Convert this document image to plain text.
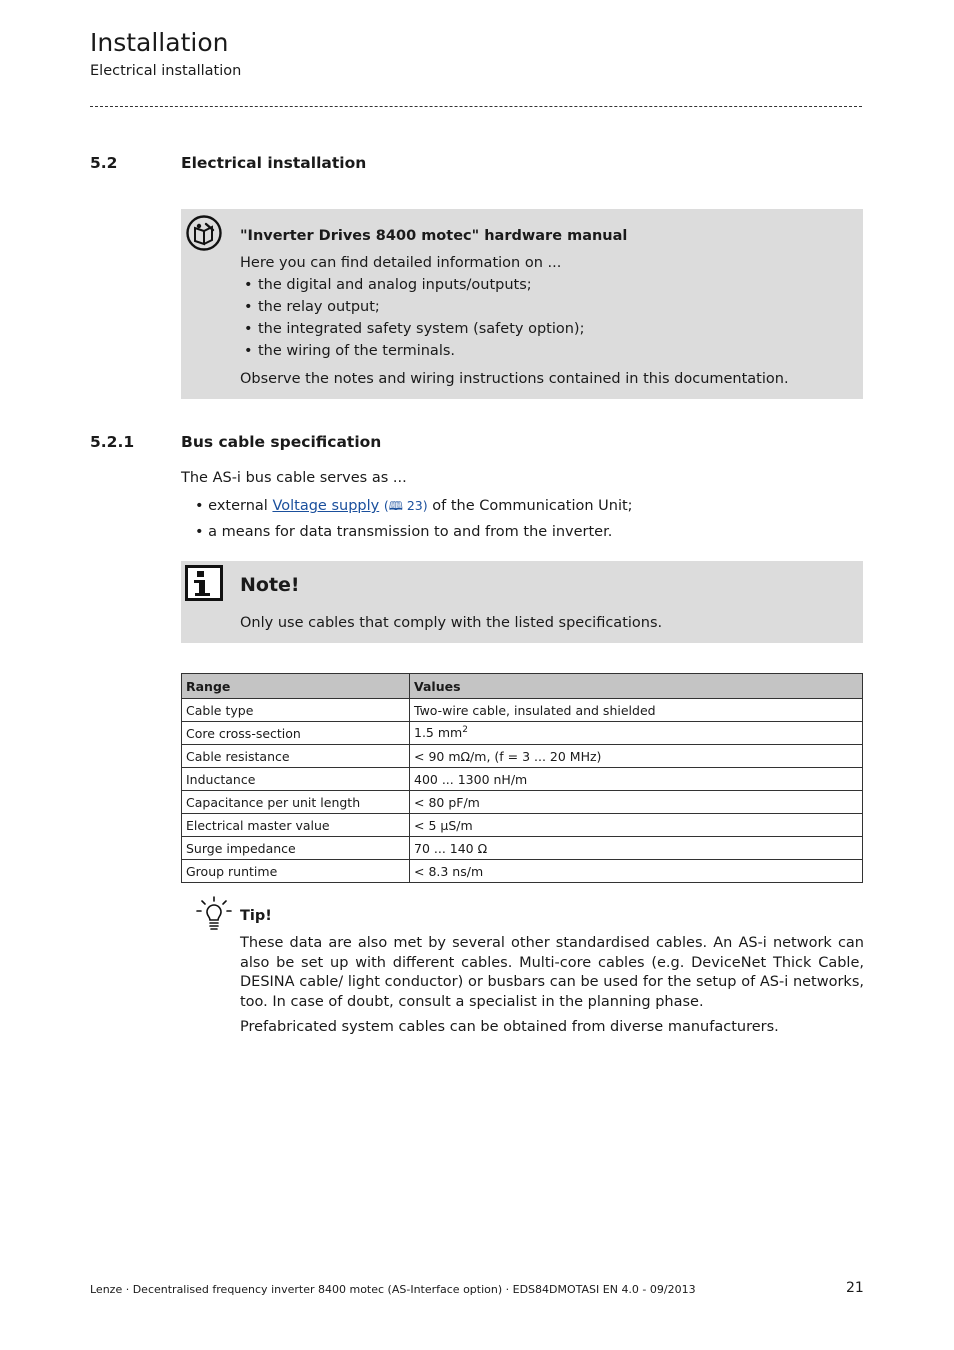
Installation
Electrical installation
5.2	Electrical installation
"Inverter Drives 8400 motec" hardware manual
Here you can find detailed information on ...
• the digital and analog inputs/outputs;
• the relay output;
• the integrated safety system (safety option);
• the wiring of the terminals.
Observe the notes and wiring instructions contained in this documentation.
5.2.1	Bus cable specification
The AS-i bus cable serves as ...
• external Voltage supply (🕮 23) of the Communication Unit;
• a means for data transmission to and from the inverter.
Note!
Only use cables that comply with the listed specifications.
Range	Values
Cable type	Two-wire cable, insulated and shielded
Core cross-section	1.5 $mm^2$
Cable resistance	< 90 mΩ/m, (f = 3 ... 20 MHz)
Inductance	400 ... 1300 nH/m
Capacitance per unit length	< 80 pF/m
Electrical master value	< 5 µS/m
Surge impedance	70 ... 140 Ω
Group runtime	< 8.3 ns/m
Tip!
These data are also met by several other standardised cables. An AS-i network can also be set up with different cables. Multi-core cables (e.g. DeviceNet Thick Cable, DESINA cable/ light conductor) or busbars can be used for the setup of AS-i networks, too. In case of doubt, consult a specialist in the planning phase.
Prefabricated system cables can be obtained from diverse manufacturers.
Lenze · Decentralised frequency inverter 8400 motec (AS-Interface option) · EDS84DMOTASI EN 4.0 - 09/2013	21
